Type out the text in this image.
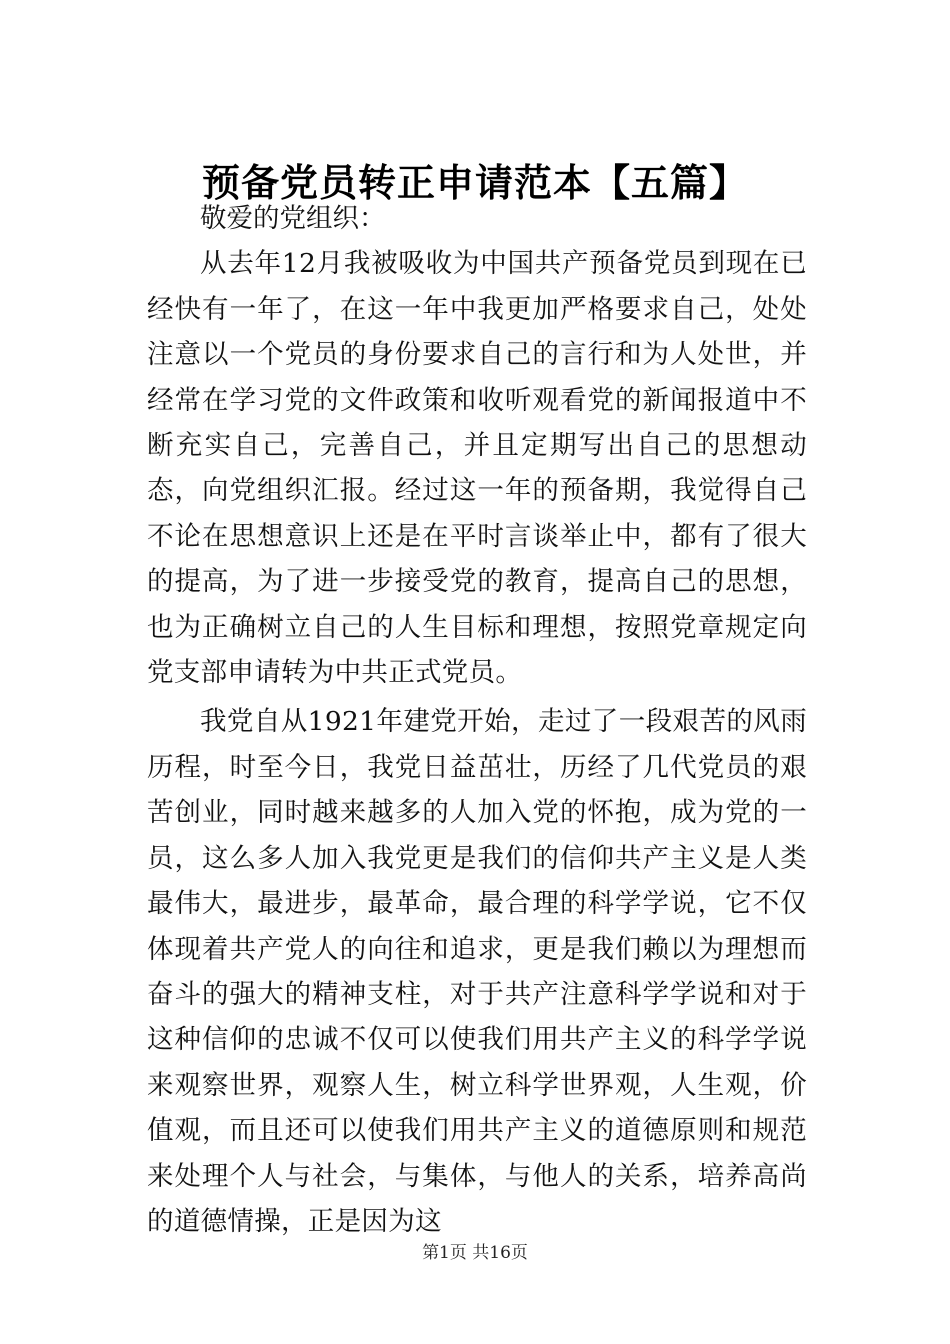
预备党员转正申请范本【五篇】

敬爱的党组织：

从去年12月我被吸收为中国共产预备党员到现在已经快有一年了，在这一年中我更加严格要求自己，处处注意以一个党员的身份要求自己的言行和为人处世，并经常在学习党的文件政策和收听观看党的新闻报道中不断充实自己，完善自己，并且定期写出自己的思想动态，向党组织汇报。经过这一年的预备期，我觉得自己不论在思想意识上还是在平时言谈举止中，都有了很大的提高，为了进一步接受党的教育，提高自己的思想，也为正确树立自己的人生目标和理想，按照党章规定向党支部申请转为中共正式党员。

我党自从1921年建党开始，走过了一段艰苦的风雨历程，时至今日，我党日益茁壮，历经了几代党员的艰苦创业，同时越来越多的人加入党的怀抱，成为党的一员，这么多人加入我党更是我们的信仰共产主义是人类最伟大，最进步，最革命，最合理的科学学说，它不仅体现着共产党人的向往和追求，更是我们赖以为理想而奋斗的强大的精神支柱，对于共产注意科学学说和对于这种信仰的忠诚不仅可以使我们用共产主义的科学学说来观察世界，观察人生，树立科学世界观，人生观，价值观，而且还可以使我们用共产主义的道德原则和规范来处理个人与社会，与集体，与他人的关系，培养高尚的道德情操，正是因为这

第1页 共16页
